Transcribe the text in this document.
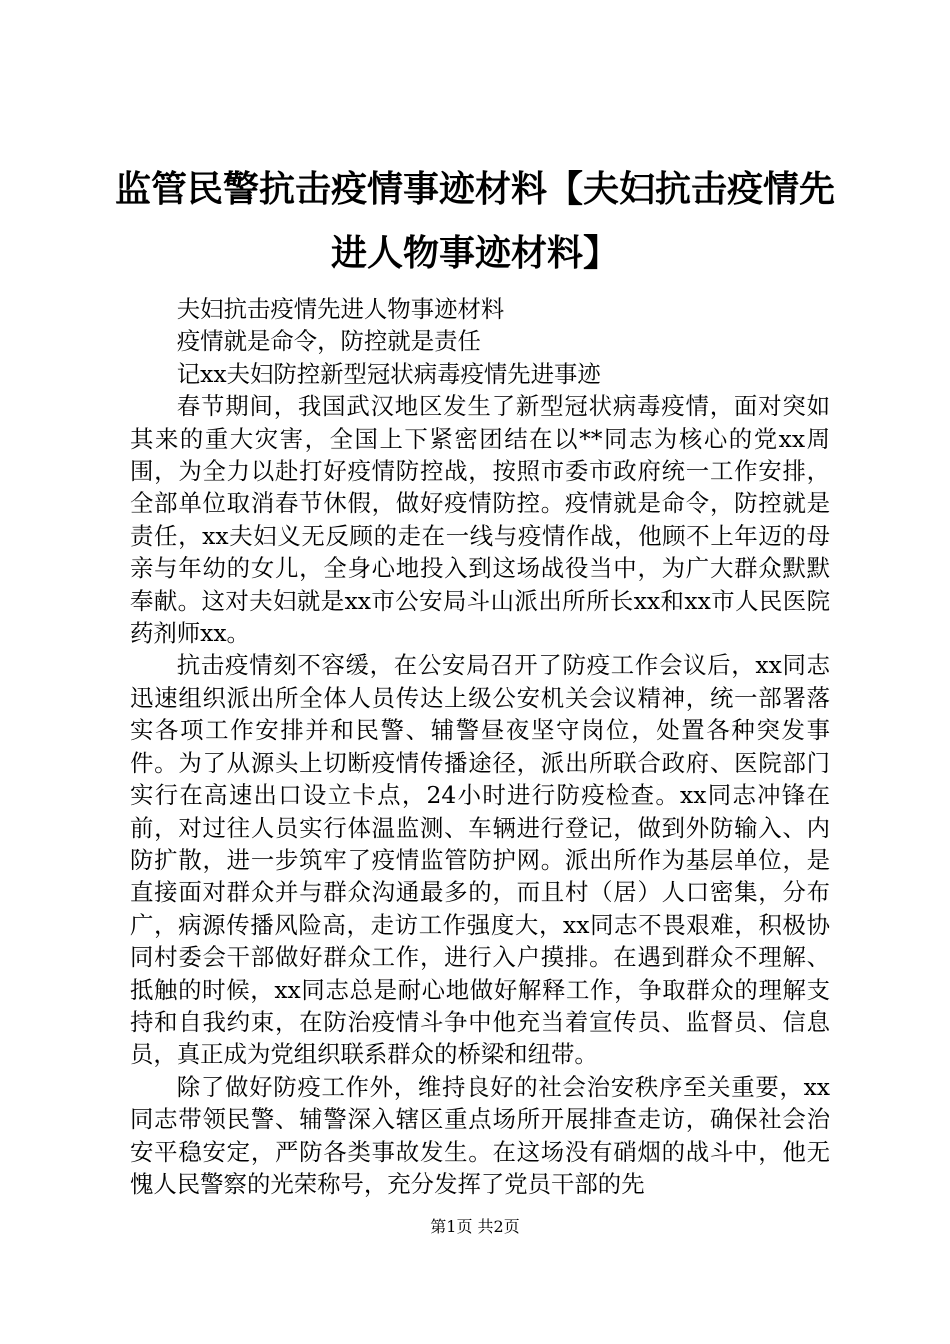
监管民警抗击疫情事迹材料【夫妇抗击疫情先进人物事迹材料】

夫妇抗击疫情先进人物事迹材料

疫情就是命令，防控就是责任

记xx夫妇防控新型冠状病毒疫情先进事迹

春节期间，我国武汉地区发生了新型冠状病毒疫情，面对突如其来的重大灾害，全国上下紧密团结在以**同志为核心的党xx周围，为全力以赴打好疫情防控战，按照市委市政府统一工作安排，全部单位取消春节休假，做好疫情防控。疫情就是命令，防控就是责任，xx夫妇义无反顾的走在一线与疫情作战，他顾不上年迈的母亲与年幼的女儿，全身心地投入到这场战役当中，为广大群众默默奉献。这对夫妇就是xx市公安局斗山派出所所长xx和xx市人民医院药剂师xx。

抗击疫情刻不容缓，在公安局召开了防疫工作会议后，xx同志迅速组织派出所全体人员传达上级公安机关会议精神，统一部署落实各项工作安排并和民警、辅警昼夜坚守岗位，处置各种突发事件。为了从源头上切断疫情传播途径，派出所联合政府、医院部门实行在高速出口设立卡点，24小时进行防疫检查。xx同志冲锋在前，对过往人员实行体温监测、车辆进行登记，做到外防输入、内防扩散，进一步筑牢了疫情监管防护网。派出所作为基层单位，是直接面对群众并与群众沟通最多的，而且村（居）人口密集，分布广，病源传播风险高，走访工作强度大，xx同志不畏艰难，积极协同村委会干部做好群众工作，进行入户摸排。在遇到群众不理解、抵触的时候，xx同志总是耐心地做好解释工作，争取群众的理解支持和自我约束，在防治疫情斗争中他充当着宣传员、监督员、信息员，真正成为党组织联系群众的桥梁和纽带。

除了做好防疫工作外，维持良好的社会治安秩序至关重要，xx同志带领民警、辅警深入辖区重点场所开展排查走访，确保社会治安平稳安定，严防各类事故发生。在这场没有硝烟的战斗中，他无愧人民警察的光荣称号，充分发挥了党员干部的先

第1页 共2页
